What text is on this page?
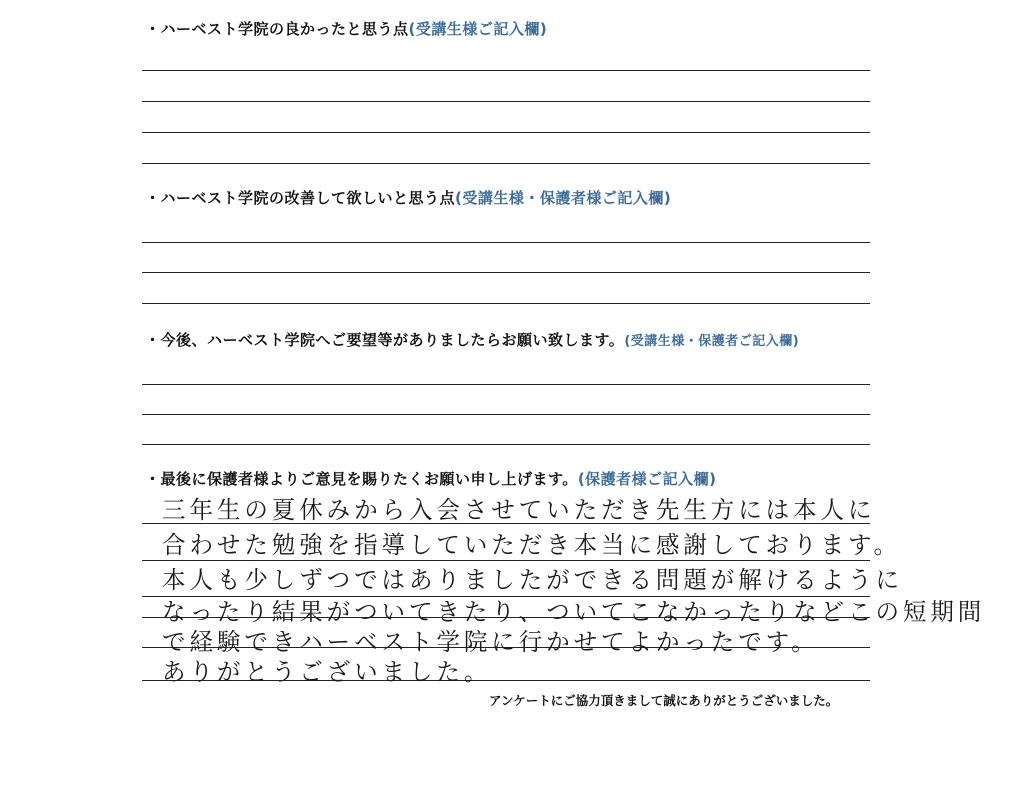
・ハーベスト学院の良かったと思う点(受講生様ご記入欄)
・ハーベスト学院の改善して欲しいと思う点(受講生様・保護者様ご記入欄)
・今後、ハーベスト学院へご要望等がありましたらお願い致します。(受講生様・保護者ご記入欄)
・最後に保護者様よりご意見を賜りたくお願い申し上げます。(保護者様ご記入欄)
三年生の夏休みから入会させていただき先生方には本人に
合わせた勉強を指導していただき本当に感謝しております。
本人も少しずつではありましたができる問題が解けるように
なったり結果がついてきたり、ついてこなかったりなどこの短期間
で経験できハーベスト学院に行かせてよかったです。
ありがとうございました。
アンケートにご協力頂きまして誠にありがとうございました。
